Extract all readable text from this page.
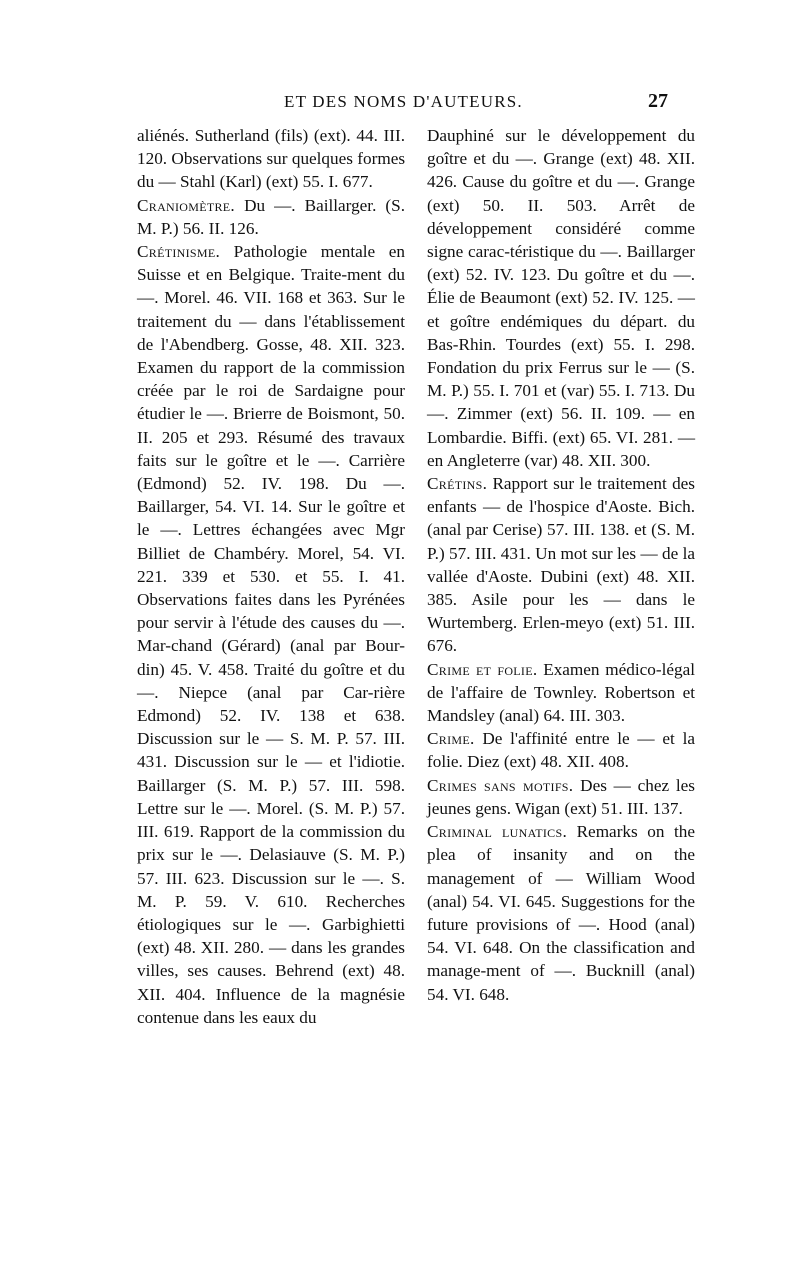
ET DES NOMS D'AUTEURS.	27

aliénés. Sutherland (fils) (ext). 44. III. 120. Observations sur quelques formes du — Stahl (Karl) (ext) 55. I. 677.

Craniomètre. Du —. Baillarger. (S. M. P.) 56. II. 126.

Crétinisme. Pathologie mentale en Suisse et en Belgique. Traite-ment du —. Morel. 46. VII. 168 et 363. Sur le traitement du — dans l'établissement de l'Abendberg. Gosse, 48. XII. 323. Examen du rapport de la commission créée par le roi de Sardaigne pour étudier le —. Brierre de Boismont, 50. II. 205 et 293. Résumé des travaux faits sur le goître et le —. Carrière (Edmond) 52. IV. 198. Du —. Baillarger, 54. VI. 14. Sur le goître et le —. Lettres échangées avec Mgr Billiet de Chambéry. Morel, 54. VI. 221. 339 et 530. et 55. I. 41. Observations faites dans les Pyrénées pour servir à l'étude des causes du —. Mar-chand (Gérard) (anal par Bour-din) 45. V. 458. Traité du goître et du —. Niepce (anal par Car-rière Edmond) 52. IV. 138 et 638. Discussion sur le — S. M. P. 57. III. 431. Discussion sur le — et l'idiotie. Baillarger (S. M. P.) 57. III. 598. Lettre sur le —. Morel. (S. M. P.) 57. III. 619. Rapport de la commission du prix sur le —. Delasiauve (S. M. P.) 57. III. 623. Discussion sur le —. S. M. P. 59. V. 610. Recherches étiologiques sur le —. Garbighietti (ext) 48. XII. 280. — dans les grandes villes, ses causes. Behrend (ext) 48. XII. 404. Influence de la magnésie contenue dans les eaux du

Dauphiné sur le développement du goître et du —. Grange (ext) 48. XII. 426. Cause du goître et du —. Grange (ext) 50. II. 503. Arrêt de développement considéré comme signe carac-téristique du —. Baillarger (ext) 52. IV. 123. Du goître et du —. Élie de Beaumont (ext) 52. IV. 125. — et goître endémiques du départ. du Bas-Rhin. Tourdes (ext) 55. I. 298. Fondation du prix Ferrus sur le — (S. M. P.) 55. I. 701 et (var) 55. I. 713. Du —. Zimmer (ext) 56. II. 109. — en Lombardie. Biffi. (ext) 65. VI. 281. — en Angleterre (var) 48. XII. 300.

Crétins. Rapport sur le traitement des enfants — de l'hospice d'Aoste. Bich. (anal par Cerise) 57. III. 138. et (S. M. P.) 57. III. 431. Un mot sur les — de la vallée d'Aoste. Dubini (ext) 48. XII. 385. Asile pour les — dans le Wurtemberg. Erlen-meyo (ext) 51. III. 676.

Crime et folie. Examen médico-légal de l'affaire de Townley. Robertson et Mandsley (anal) 64. III. 303.

Crime. De l'affinité entre le — et la folie. Diez (ext) 48. XII. 408.

Crimes sans motifs. Des — chez les jeunes gens. Wigan (ext) 51. III. 137.

Criminal lunatics. Remarks on the plea of insanity and on the management of — William Wood (anal) 54. VI. 645. Suggestions for the future provisions of —. Hood (anal) 54. VI. 648. On the classification and manage-ment of —. Bucknill (anal) 54. VI. 648.
